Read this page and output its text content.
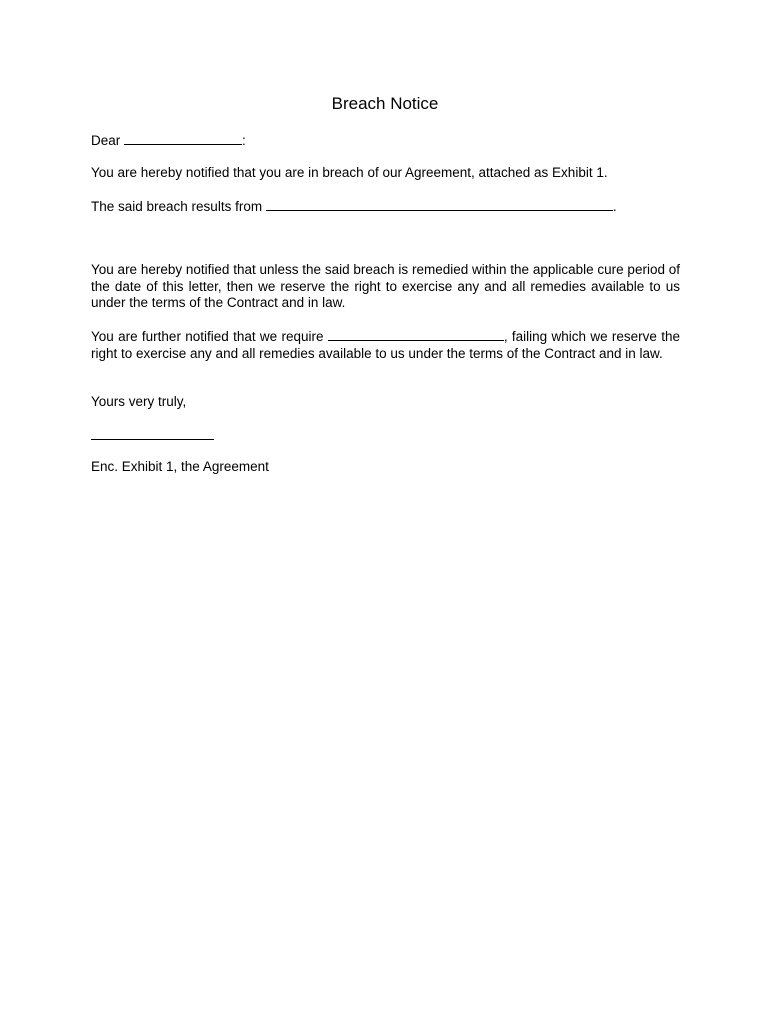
Breach Notice
Dear	:
You are hereby notified that you are in breach of our Agreement, attached as Exhibit 1.
The said breach results from	.
You are hereby notified that unless the said breach is remedied within the applicable cure period of the date of this letter, then we reserve the right to exercise any and all remedies available to us under the terms of the Contract and in law.
You are further notified that we require	, failing which we reserve the right to exercise any and all remedies available to us under the terms of the Contract and in law.
Yours very truly,
Enc. Exhibit 1, the Agreement
